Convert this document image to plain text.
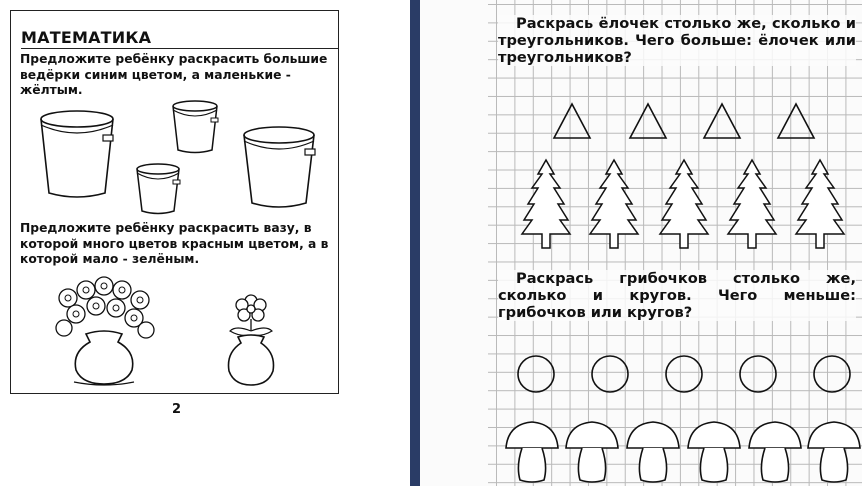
МАТЕМАТИКА
Предложите ребёнку раскрасить большие ведёрки синим цветом, а маленькие - жёлтым.
Предложите ребёнку раскрасить вазу, в которой много цветов красным цветом, а в которой мало - зелёным.
2
Раскрась ёлочек столько же, сколько и треугольников. Чего больше: ёлочек или треугольников?
Раскрась грибочков столько же, сколько и кругов. Чего меньше: грибочков или кругов?
